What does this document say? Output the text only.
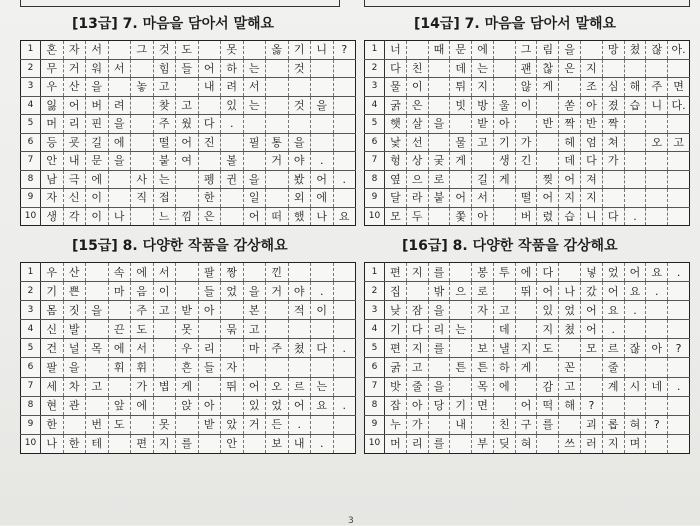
[13급] 7. 마음을 담아서 말해요
1	혼	자	서		그	것	도		못		옳	기	니	?
2	무	거	워	서		힘	들	어	하	는		것		
3	우	산	을		놓	고		내	려	서				
4	잃	어	버	려		찾	고		있	는		것	을	
5	머	리	핀	을		주	웠	다	.					
6	등	굣	길	에		떨	어	진		필	통	을		
7	안	내	문	을		붙	여		볼		거	야	.	
8	남	극	에		사	는		펭	귄	을		봤	어	.
9	자	신	이		직	접		한		일		외	에	
10	생	각	이	나		느	낌	은		어	떠	했	나	요
[14급] 7. 마음을 담아서 말해요
1	너		때	문	에		그	림	을		망	쳤	잖	아.
2	다	친		데	는		괜	찮	은	지				
3	물	이		튀	지		않	게		조	심	해	주	면
4	굵	은		빗	방	울	이		쏟	아	졌	습	니	다.
5	햇	살	을		받	아		반	짝	반	짝			
6	낯	선		물	고	기	가		헤	엄	쳐		오	고
7	헝	상	궂	게		생	긴		데	다	가			
8	옆	으	로		길	게		찢	어	져				
9	달	라	붙	어	서		떨	어	지	지				
10	모	두		쫓	아		버	렸	습	니	다	.		
[15급] 8. 다양한 작품을 감상해요
1	우	산		속	에	서		팔	짱		낀			
2	기	쁜		마	음	이		들	었	을	거	야	.	
3	몸	짓	을		주	고	받	아		본		적	이	
4	신	발		끈	도		못		묶	고				
5	건	널	목	에	서		우	리		마	주	쳤	다	.
6	팔	을		휘	휘		흔	들	자					
7	세	차	고		가	볍	게		뛰	어	오	르	는	
8	현	관		앞	에		앉	아		있	었	어	요	.
9	한		번	도		못		받	았	거	든	.		
10	나	한	테		편	지	를		안		보	내	.	
[16급] 8. 다양한 작품을 감상해요
1	편	지	를		봉	투	에	다		넣	었	어	요	.
2	집		밖	으	로		뛰	어	나	갔	어	요	.	
3	낮	잠	을		자	고		있	었	어	요	.		
4	기	다	리	는		데		지	쳤	어	.			
5	편	지	를		보	낼	지	도		모	르	잖	아	?
6	굵	고		튼	튼	하	게		꼰		줄			
7	밧	줄	을		목	에		감	고		계	시	네	.
8	잡	아	당	기	면		어	떡	해	?				
9	누	가		내		친	구	를		괴	롭	혀	?	
10	머	리	를		부	딪	혀		쓰	러	지	며		
3
